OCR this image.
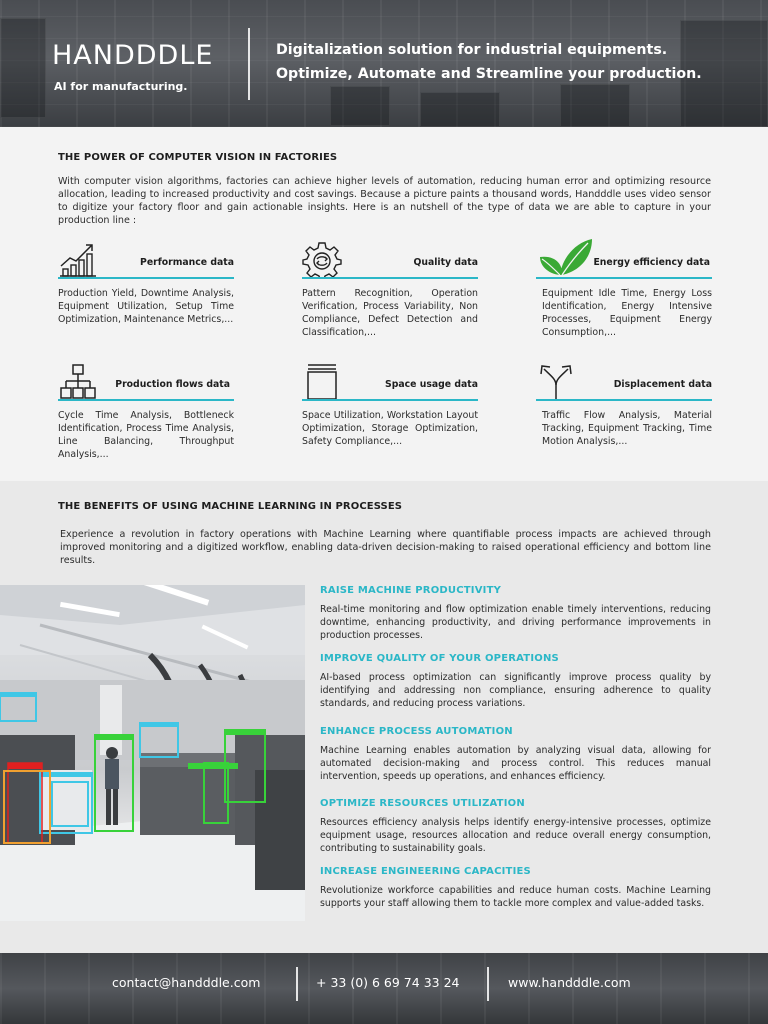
HANDDDLE
AI for manufacturing.
Digitalization solution for industrial equipments.
Optimize, Automate and Streamline your production.
THE POWER OF COMPUTER VISION IN FACTORIES
With computer vision algorithms, factories can achieve higher levels of automation, reducing human error and optimizing resource allocation, leading to increased productivity and cost savings. Because a picture paints a thousand words, Handddle uses video sensor to digitize your factory floor and gain actionable insights. Here is an nutshell of the type of data we are able to capture in your production line :
Performance data
Production Yield, Downtime Analysis, Equipment Utilization, Setup Time Optimization, Maintenance Metrics,...
Quality data
Pattern Recognition, Operation Verification, Process Variability, Non Compliance, Defect Detection and Classification,...
Energy efficiency data
Equipment Idle Time, Energy Loss Identification, Energy Intensive Processes, Equipment Energy Consumption,...
Production flows data
Cycle Time Analysis, Bottleneck Identification, Process Time Analysis, Line Balancing, Throughput Analysis,...
Space usage data
Space Utilization, Workstation Layout Optimization, Storage Optimization, Safety Compliance,...
Displacement data
Traffic Flow Analysis, Material Tracking, Equipment Tracking, Time Motion Analysis,...
THE BENEFITS OF USING MACHINE LEARNING IN PROCESSES
Experience a revolution in factory operations with Machine Learning where quantifiable process impacts are achieved through improved monitoring and a digitized workflow, enabling data-driven decision-making to raised operational efficiency and bottom line results.
RAISE MACHINE PRODUCTIVITY
Real-time monitoring and flow optimization enable timely interventions, reducing downtime, enhancing productivity, and driving performance improvements in production processes.
IMPROVE QUALITY OF YOUR OPERATIONS
AI-based process optimization can significantly improve process quality by identifying and addressing non compliance, ensuring adherence to quality standards, and reducing process variations.
ENHANCE PROCESS AUTOMATION
Machine Learning enables automation by analyzing visual data, allowing for automated decision-making and process control. This reduces manual intervention, speeds up operations, and enhances efficiency.
OPTIMIZE RESOURCES UTILIZATION
Resources efficiency analysis helps identify energy-intensive processes, optimize equipment usage, resources allocation and reduce overall energy consumption, contributing to sustainability goals.
INCREASE ENGINEERING CAPACITIES
Revolutionize workforce capabilities and reduce human costs. Machine Learning supports your staff allowing them to tackle more complex and value-added tasks.
contact@handddle.com	+ 33 (0) 6 69 74 33 24	www.handddle.com
